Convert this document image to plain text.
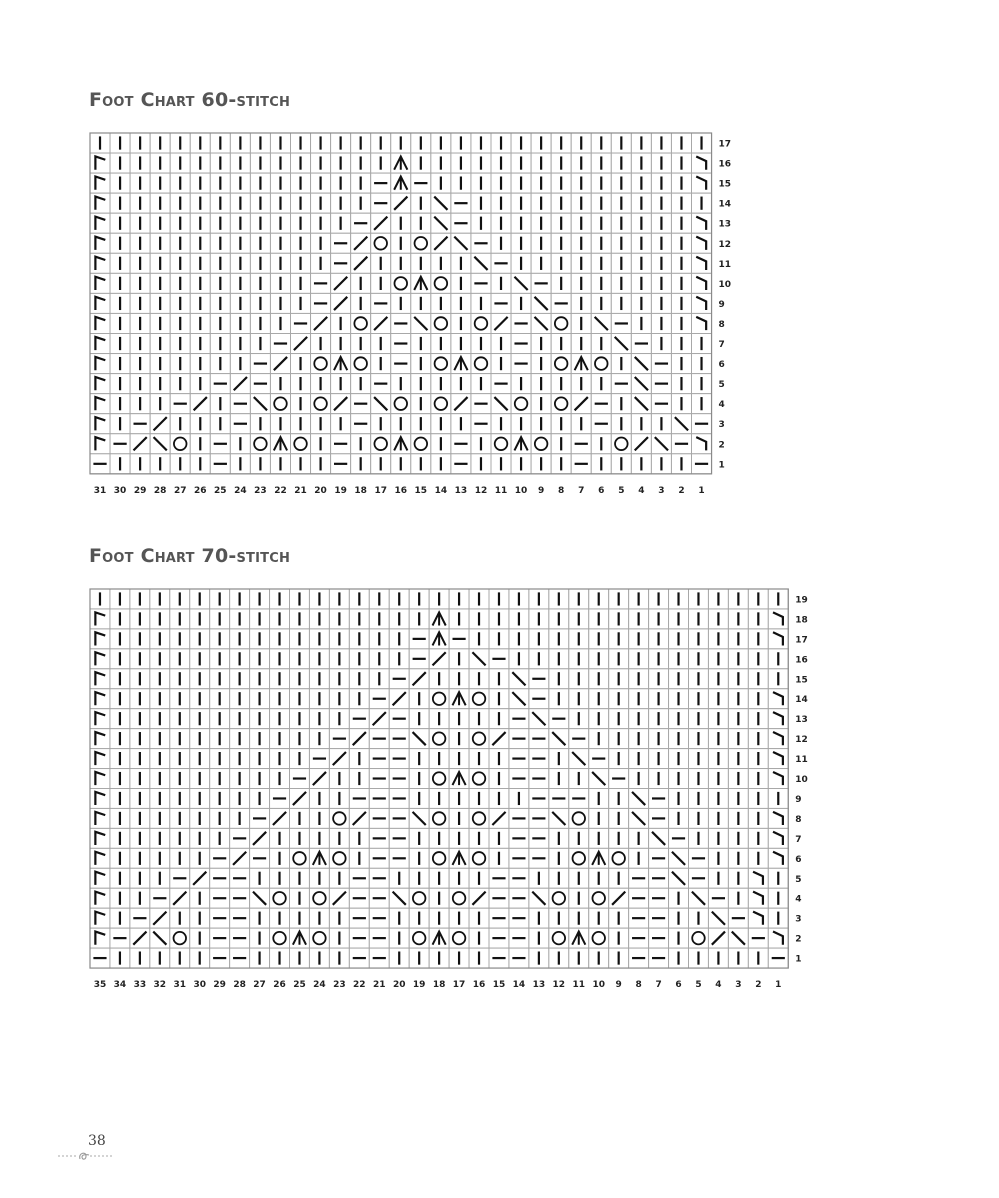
Foot Chart 60-stitch
17
16
15
14
13
12
11
10
9
8
7
6
5
4
3
2
1
31 30 29 28 27 26 25 24 23 22 21 20 19 18 17 16 15 14 13 12 11 10 9 8 7 6 5 4 3 2 1
Foot Chart 70-stitch
19
18
17
16
15
14
13
12
11
10
9
8
7
6
5
4
3
2
1
35 34 33 32 31 30 29 28 27 26 25 24 23 22 21 20 19 18 17 16 15 14 13 12 11 10 9 8 7 6 5 4 3 2 1

38
